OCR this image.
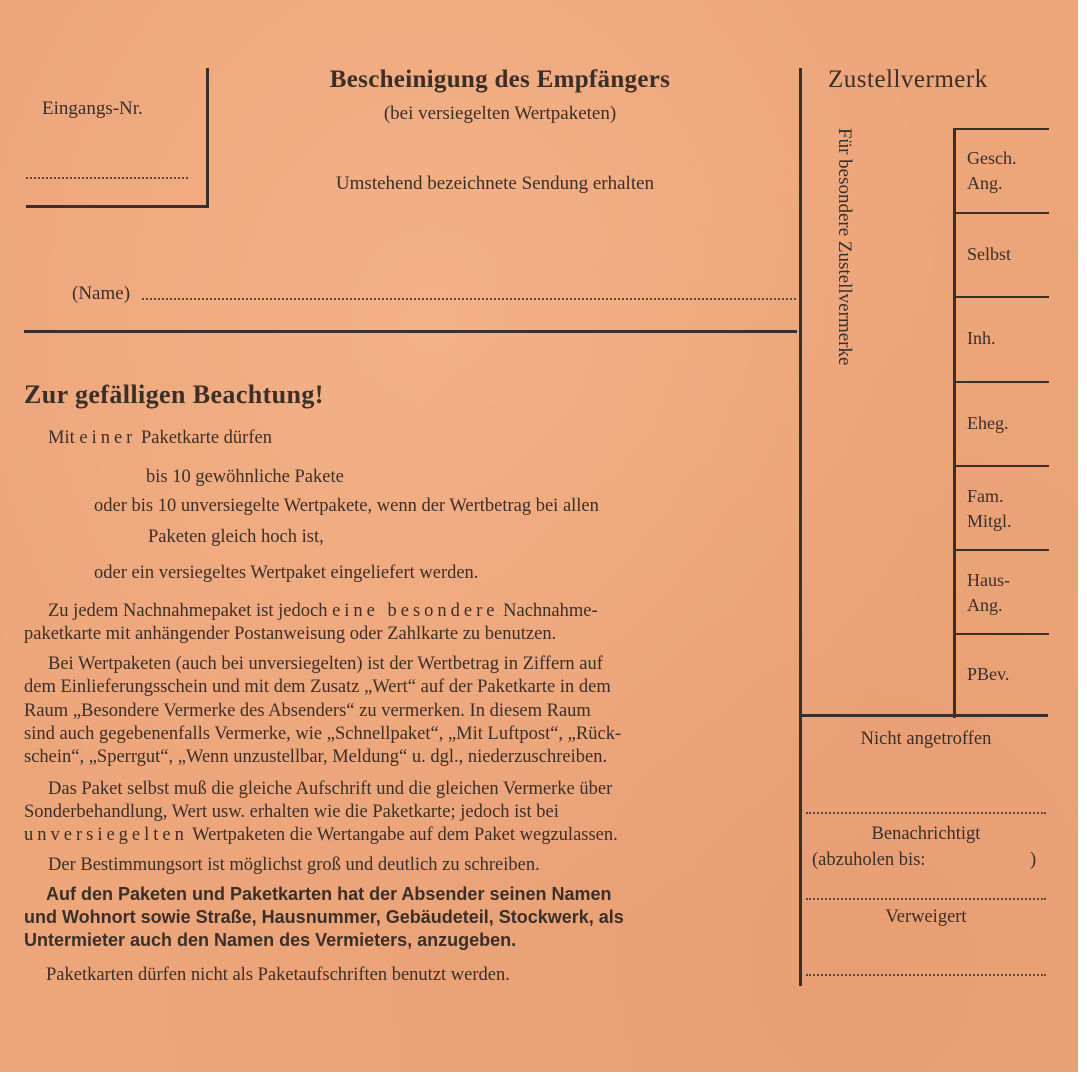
Eingangs-Nr.
Bescheinigung des Empfängers
(bei versiegelten Wertpaketen)
Umstehend bezeichnete Sendung erhalten
(Name)
Zustellvermerk
Für besondere Zustellvermerke	Gesch.
Ang.
Selbst
Inh.
Eheg.
Fam.
Mitgl.
Haus-
Ang.
PBev.
Nicht angetroffen
Benachrichtigt
(abzuholen bis:	)
Verweigert
Zur gefälligen Beachtung!
Mit einer Paketkarte dürfen
bis 10 gewöhnliche Pakete
oder bis 10 unversiegelte Wertpakete, wenn der Wertbetrag bei allen
Paketen gleich hoch ist,
oder ein versiegeltes Wertpaket eingeliefert werden.
Zu jedem Nachnahmepaket ist jedoch eine besondere Nachnahme-
paketkarte mit anhängender Postanweisung oder Zahlkarte zu benutzen.
Bei Wertpaketen (auch bei unversiegelten) ist der Wertbetrag in Ziffern auf
dem Einlieferungsschein und mit dem Zusatz „Wert“ auf der Paketkarte in dem
Raum „Besondere Vermerke des Absenders“ zu vermerken. In diesem Raum
sind auch gegebenenfalls Vermerke, wie „Schnellpaket“, „Mit Luftpost“, „Rück-
schein“, „Sperrgut“, „Wenn unzustellbar, Meldung“ u. dgl., niederzuschreiben.
Das Paket selbst muß die gleiche Aufschrift und die gleichen Vermerke über
Sonderbehandlung, Wert usw. erhalten wie die Paketkarte; jedoch ist bei
unversiegelten Wertpaketen die Wertangabe auf dem Paket wegzulassen.
Der Bestimmungsort ist möglichst groß und deutlich zu schreiben.
Auf den Paketen und Paketkarten hat der Absender seinen Namen
und Wohnort sowie Straße, Hausnummer, Gebäudeteil, Stockwerk, als
Untermieter auch den Namen des Vermieters, anzugeben.
Paketkarten dürfen nicht als Paketaufschriften benutzt werden.
